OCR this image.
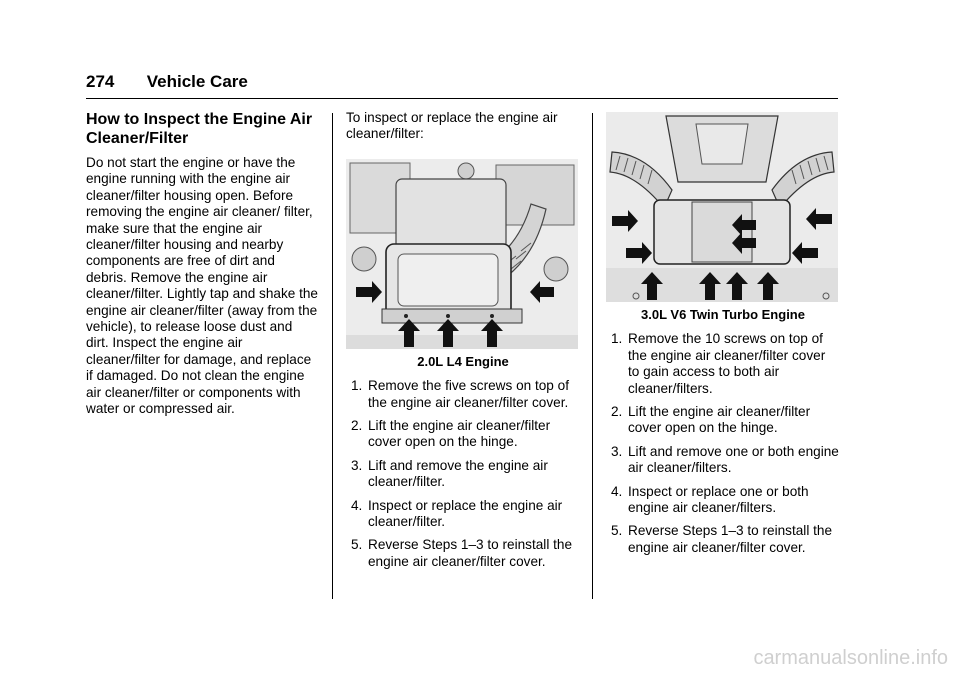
274 Vehicle Care
How to Inspect the Engine Air Cleaner/Filter

Do not start the engine or have the engine running with the engine air cleaner/filter housing open. Before removing the engine air cleaner/ filter, make sure that the engine air cleaner/filter housing and nearby components are free of dirt and debris. Remove the engine air cleaner/filter. Lightly tap and shake the engine air cleaner/filter (away from the vehicle), to release loose dust and dirt. Inspect the engine air cleaner/filter for damage, and replace if damaged. Do not clean the engine air cleaner/filter or components with water or compressed air.

To inspect or replace the engine air cleaner/filter:

2.0L L4 Engine
1. Remove the five screws on top of the engine air cleaner/filter cover.
2. Lift the engine air cleaner/filter cover open on the hinge.
3. Lift and remove the engine air cleaner/filter.
4. Inspect or replace the engine air cleaner/filter.
5. Reverse Steps 1–3 to reinstall the engine air cleaner/filter cover.
3.0L V6 Twin Turbo Engine
1. Remove the 10 screws on top of the engine air cleaner/filter cover to gain access to both air cleaner/filters.
2. Lift the engine air cleaner/filter cover open on the hinge.
3. Lift and remove one or both engine air cleaner/filters.
4. Inspect or replace one or both engine air cleaner/filters.
5. Reverse Steps 1–3 to reinstall the engine air cleaner/filter cover.
carmanualsonline.info
